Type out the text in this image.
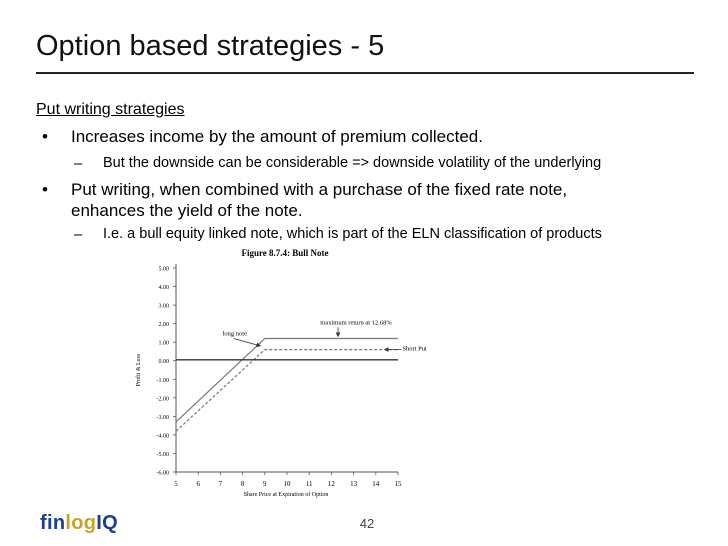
Option based strategies - 5
Put writing strategies
• Increases income by the amount of premium collected.
– But the downside can be considerable => downside volatility of the underlying
• Put writing, when combined with a purchase of the fixed rate note,
enhances the yield of the note.
– I.e. a bull equity linked note, which is part of the ELN classification of products
Figure 8.7.4: Bull Note
5.00
4.00
3.00
2.00
1.00
0.00
-1.00
-2.00
-3.00
-4.00
-5.00
-6.00
5	6	7	8	9 10 11 12 13 14 15
Share Price at Expiration of Option
Profit & Loss
maximum return at 12.68%
long note
Short Put
finlogIQ	42
